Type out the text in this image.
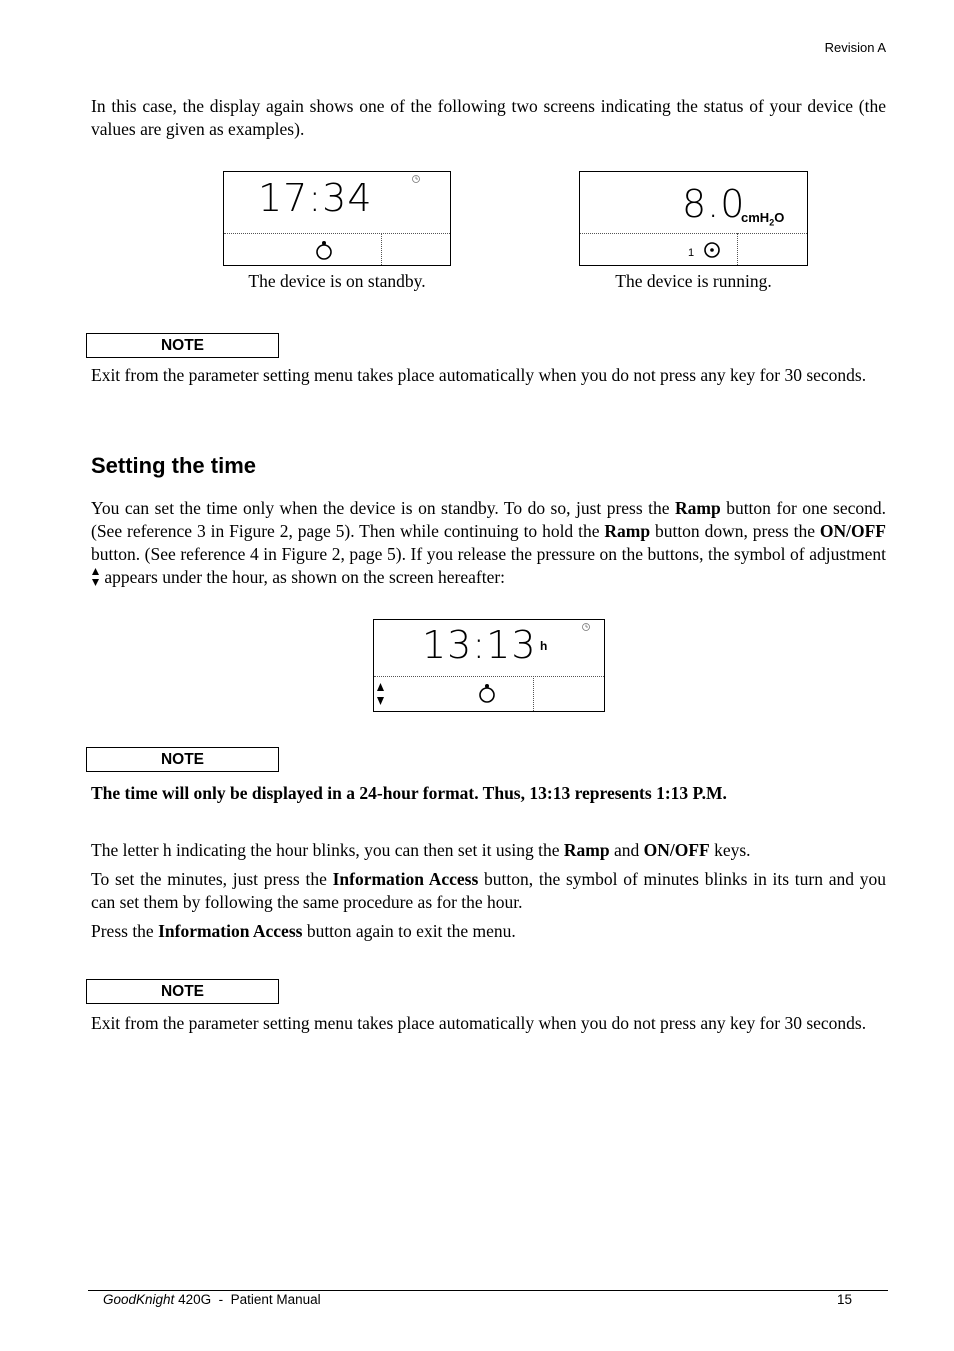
Revision A
In this case, the display again shows one of the following two screens indicating the status of your device (the values are given as examples).
17:34
The device is on standby.
8.0
cmH$_2$O
1
The device is running.
NOTE
Exit from the parameter setting menu takes place automatically when you do not press any key for 30 seconds.
Setting the time
You can set the time only when the device is on standby. To do so, just press the Ramp button for one second. (See reference 3 in Figure 2, page 5). Then while continuing to hold the Ramp button down, press the ON/OFF button. (See reference 4 in Figure 2, page 5). If you release the pressure on the buttons, the symbol of adjustment  appears under the hour, as shown on the screen hereafter:
13:13 h
NOTE
The time will only be displayed in a 24-hour format. Thus, 13:13 represents 1:13 P.M.
The letter h indicating the hour blinks, you can then set it using the Ramp and ON/OFF keys.
To set the minutes, just press the Information Access button, the symbol of minutes blinks in its turn and you can set them by following the same procedure as for the hour.
Press the Information Access button again to exit the menu.
NOTE
Exit from the parameter setting menu takes place automatically when you do not press any key for 30 seconds.
GoodKnight 420G  -  Patient Manual	15
